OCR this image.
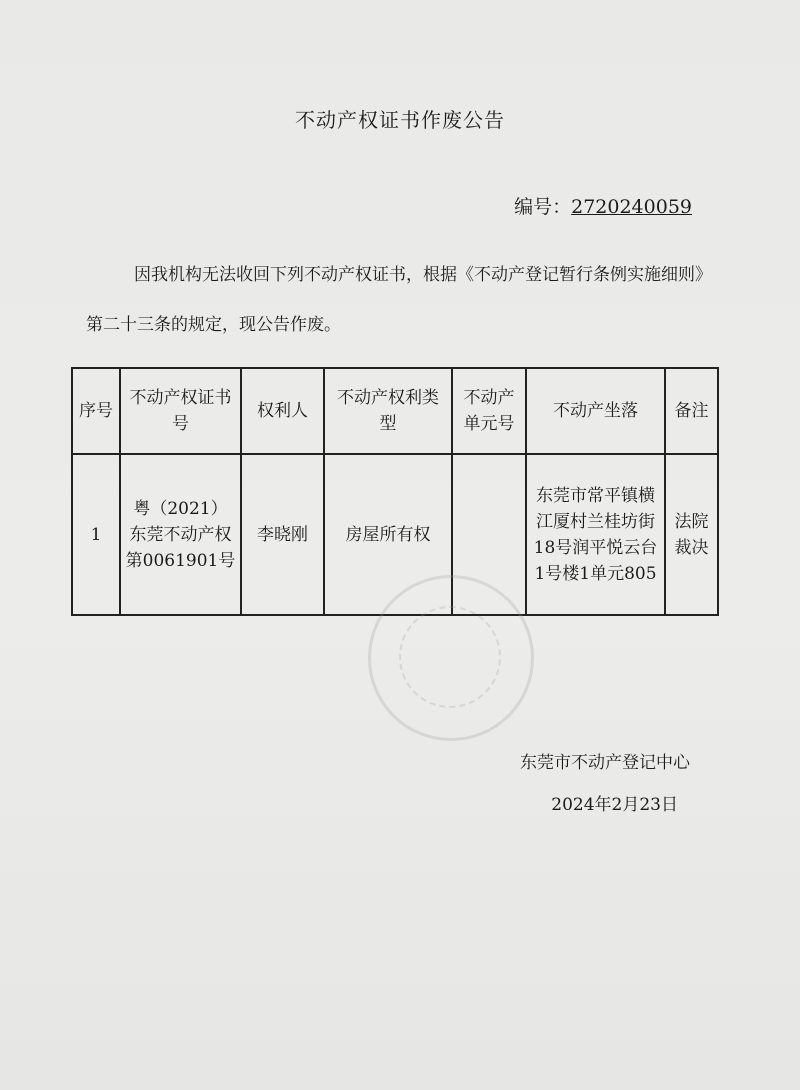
不动产权证书作废公告
编号：2720240059
因我机构无法收回下列不动产权证书，根据《不动产登记暂行条例实施细则》第二十三条的规定，现公告作废。
序号	不动产权证书号	权利人	不动产权利类型	不动产单元号	不动产坐落	备注
1	粤（2021）东莞不动产权第0061901号	李晓刚	房屋所有权		东莞市常平镇横江厦村兰桂坊街18号润平悦云台1号楼1单元805	法院裁决
东莞市不动产登记中心
2024年2月23日
